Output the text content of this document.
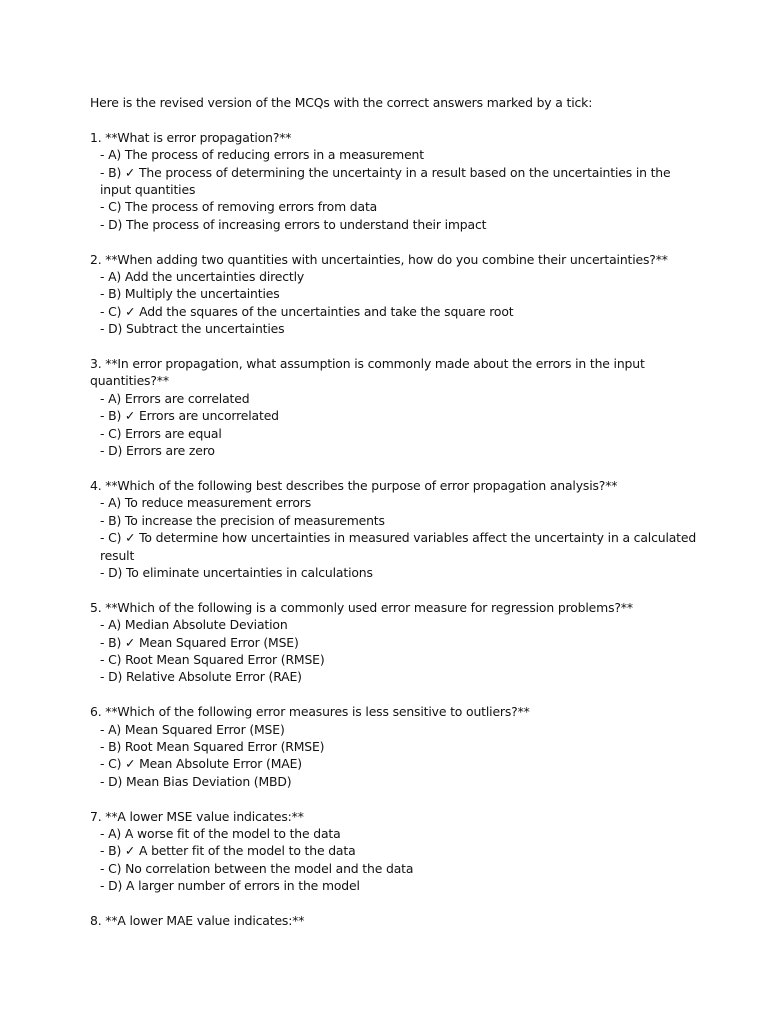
Here is the revised version of the MCQs with the correct answers marked by a tick:
1. **What is error propagation?**
- A) The process of reducing errors in a measurement
- B) ✓ The process of determining the uncertainty in a result based on the uncertainties in the input quantities
- C) The process of removing errors from data
- D) The process of increasing errors to understand their impact
2. **When adding two quantities with uncertainties, how do you combine their uncertainties?**
- A) Add the uncertainties directly
- B) Multiply the uncertainties
- C) ✓ Add the squares of the uncertainties and take the square root
- D) Subtract the uncertainties
3. **In error propagation, what assumption is commonly made about the errors in the input quantities?**
- A) Errors are correlated
- B) ✓ Errors are uncorrelated
- C) Errors are equal
- D) Errors are zero
4. **Which of the following best describes the purpose of error propagation analysis?**
- A) To reduce measurement errors
- B) To increase the precision of measurements
- C) ✓ To determine how uncertainties in measured variables affect the uncertainty in a calculated result
- D) To eliminate uncertainties in calculations
5. **Which of the following is a commonly used error measure for regression problems?**
- A) Median Absolute Deviation
- B) ✓ Mean Squared Error (MSE)
- C) Root Mean Squared Error (RMSE)
- D) Relative Absolute Error (RAE)
6. **Which of the following error measures is less sensitive to outliers?**
- A) Mean Squared Error (MSE)
- B) Root Mean Squared Error (RMSE)
- C) ✓ Mean Absolute Error (MAE)
- D) Mean Bias Deviation (MBD)
7. **A lower MSE value indicates:**
- A) A worse fit of the model to the data
- B) ✓ A better fit of the model to the data
- C) No correlation between the model and the data
- D) A larger number of errors in the model
8. **A lower MAE value indicates:**
